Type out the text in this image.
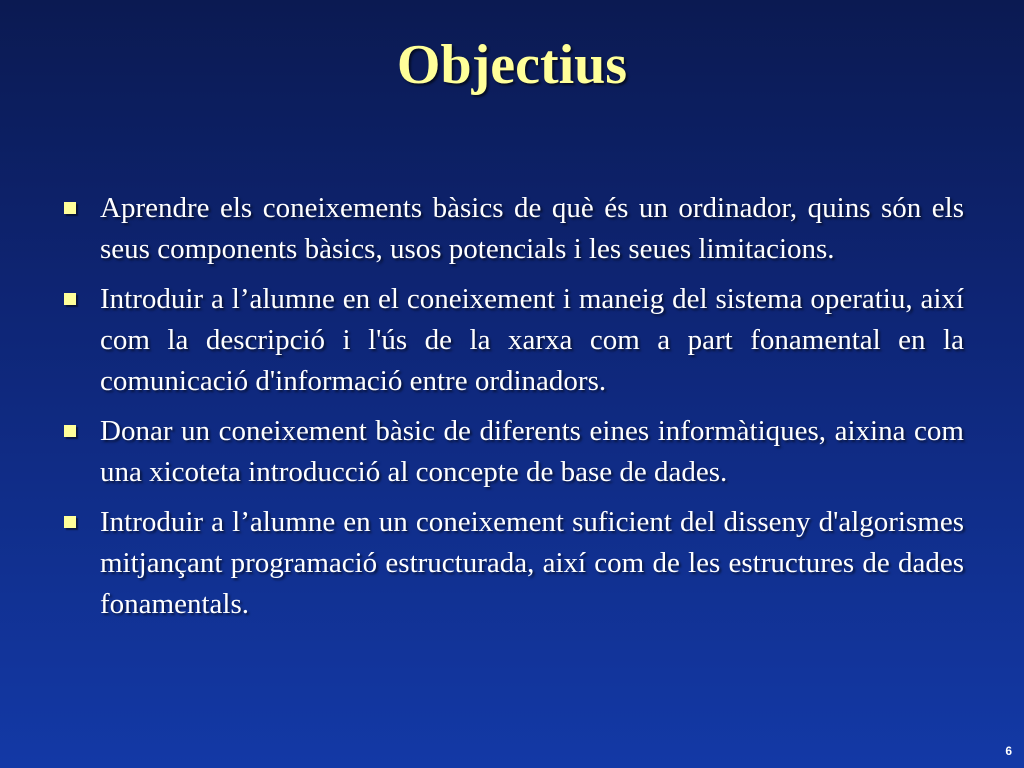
Objectius
Aprendre els coneixements bàsics de què és un ordinador, quins són els seus components bàsics, usos potencials i les seues limitacions.
Introduir a l’alumne en el coneixement i maneig del sistema operatiu, així com la descripció i l'ús de la xarxa com a part fonamental en la comunicació d'informació entre ordinadors.
Donar un coneixement bàsic de diferents eines informàtiques, aixina com una xicoteta introducció al concepte de base de dades.
Introduir a l’alumne en un coneixement suficient del disseny d'algorismes mitjançant programació estructurada, així com de les estructures de dades fonamentals.
6
